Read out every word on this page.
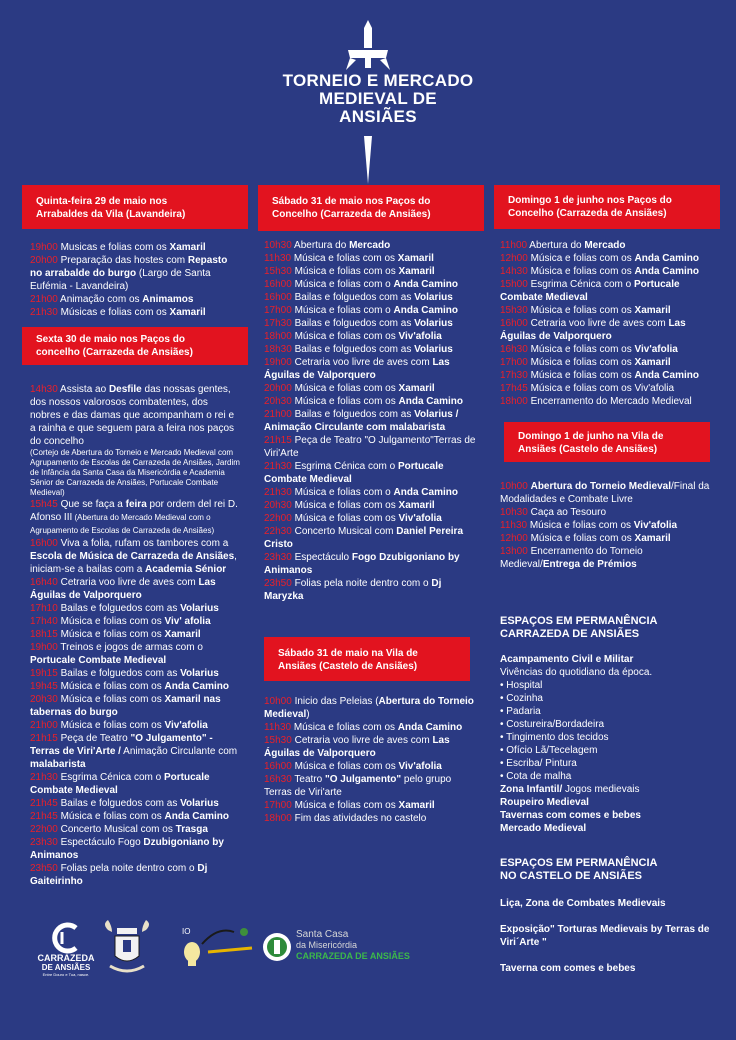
TORNEIO E MERCADO
MEDIEVAL DE
ANSIÃES
Quinta-feira 29 de maio nos
Arrabaldes da Vila (Lavandeira)
19h00 Musicas e folias com os Xamaril
20h00 Preparação das hostes com Repasto no arrabalde do burgo (Largo de Santa Eufémia - Lavandeira)
21h00 Animação com os Animamos
21h30 Músicas e folias com os Xamaril
Sexta 30 de maio nos Paços do
concelho (Carrazeda de Ansiães)
14h30 Assista ao Desfile das nossas gentes, dos nossos valorosos combatentes, dos nobres e das damas que acompanham o rei e a rainha e que seguem para a feira nos paços do concelho
(Cortejo de Abertura do Torneio e Mercado Medieval com Agrupamento de Escolas de Carrazeda de Ansiães, Jardim de Infância da Santa Casa da Misericórdia e Academia Sénior de Carrazeda de Ansiães, Portucale Combate Medieval)
15h45 Que se faça a feira por ordem del rei D. Afonso III (Abertura do Mercado Medieval com o Agrupamento de Escolas de Carrazeda de Ansiães)
16h00 Viva a folia, rufam os tambores com a Escola de Música de Carrazeda de Ansiães, iniciam-se a bailas com a Academia Sénior
16h40 Cetraria voo livre de aves com Las Águilas de Valporquero
17h10 Bailas e folguedos com as Volarius
17h40 Música e folias com os Viv' afolia
18h15 Música e folias com os Xamaril
19h00 Treinos e jogos de armas com o Portucale Combate Medieval
19h15 Bailas e folguedos com as Volarius
19h45 Música e folias com os Anda Camino
20h30 Música e folias com os Xamaril nas tabernas do burgo
21h00 Música e folias com os Viv'afolia
21h15 Peça de Teatro "O Julgamento" - Terras de Viri'Arte / Animação Circulante com malabarista
21h30 Esgrima Cénica com o Portucale Combate Medieval
21h45 Bailas e folguedos com as Volarius
21h45 Música e folias com os Anda Camino
22h00 Concerto Musical com os Trasga
23h30 Espectáculo Fogo Dzubigoniano by Animanos
23h50 Folias pela noite dentro com o Dj Gaiteirinho
Sábado 31 de maio nos Paços do
Concelho (Carrazeda de Ansiães)
10h30 Abertura do Mercado
11h30 Música e folias com os Xamaril
15h30 Música e folias com os Xamaril
16h00 Música e folias com o Anda Camino
16h00 Bailas e folguedos com as Volarius
17h00 Música e folias com o Anda Camino
17h30 Bailas e folguedos com as Volarius
18h00 Música e folias com os Viv'afolia
18h30 Bailas e folguedos com as Volarius
19h00 Cetraria voo livre de aves com Las Águilas de Valporquero
20h00 Música e folias com os Xamaril
20h30 Música e folias com os Anda Camino
21h00 Bailas e folguedos com as Volarius / Animação Circulante com malabarista
21h15 Peça de Teatro "O Julgamento"Terras de Viri'Arte
21h30 Esgrima Cénica com o Portucale Combate Medieval
21h30 Música e folias com o Anda Camino
20h30 Música e folias com os Xamaril
22h00 Música e folias com os Viv'afolia
22h30 Concerto Musical com Daniel Pereira Cristo
23h30 Espectáculo Fogo Dzubigoniano by Animanos
23h50 Folias pela noite dentro com o Dj Maryzka
Sábado 31 de maio na Vila de
Ansiães (Castelo de Ansiães)
10h00 Inicio das Peleias (Abertura do Torneio Medieval)
11h30 Música e folias com os Anda Camino
15h30 Cetraria voo livre de aves com Las Águilas de Valporquero
16h00 Música e folias com os Viv'afolia
16h30 Teatro "O Julgamento" pelo grupo Terras de Viri'arte
17h00 Música e folias com os Xamaril
18h00 Fim das atividades no castelo
Domingo 1 de junho nos Paços do
Concelho (Carrazeda de Ansiães)
11h00 Abertura do Mercado
12h00 Música e folias com os Anda Camino
14h30 Música e folias com os Anda Camino
15h00 Esgrima Cénica com o Portucale Combate Medieval
15h30 Música e folias com os Xamaril
16h00 Cetraria voo livre de aves com Las Águilas de Valporquero
16h30 Música e folias com os Viv'afolia
17h00 Música e folias com os Xamaril
17h30 Música e folias com os Anda Camino
17h45 Música e folias com os Viv'afolia
18h00 Encerramento do Mercado Medieval
Domingo 1 de junho na Vila de
Ansiães (Castelo de Ansiães)
10h00 Abertura do Torneio Medieval/Final da Modalidades e Combate Livre
10h30 Caça ao Tesouro
11h30 Música e folias com os Viv'afolia
12h00 Música e folias com os Xamaril
13h00 Encerramento do Torneio Medieval/Entrega de Prémios
ESPAÇOS EM PERMANÊNCIA
CARRAZEDA DE ANSIÃES
Acampamento Civil e Militar
Vivências do quotidiano da época.
• Hospital
• Cozinha
• Padaria
• Costureira/Bordadeira
• Tingimento dos tecidos
• Ofício Lã/Tecelagem
• Escriba/ Pintura
• Cota de malha
Zona Infantil/ Jogos medievais
Roupeiro Medieval
Tavernas com comes e bebes
Mercado Medieval
ESPAÇOS EM PERMANÊNCIA
NO CASTELO DE ANSIÃES
Liça, Zona de Combates Medievais
Exposição" Torturas Medievais by Terras de Viri´Arte "
Taverna com comes e bebes
CARRAZEDA
DE ANSIÃES
Entre Douro e Tua, nasce.
IO	Santa Casa
da Misericórdia
CARRAZEDA DE ANSIÃES
